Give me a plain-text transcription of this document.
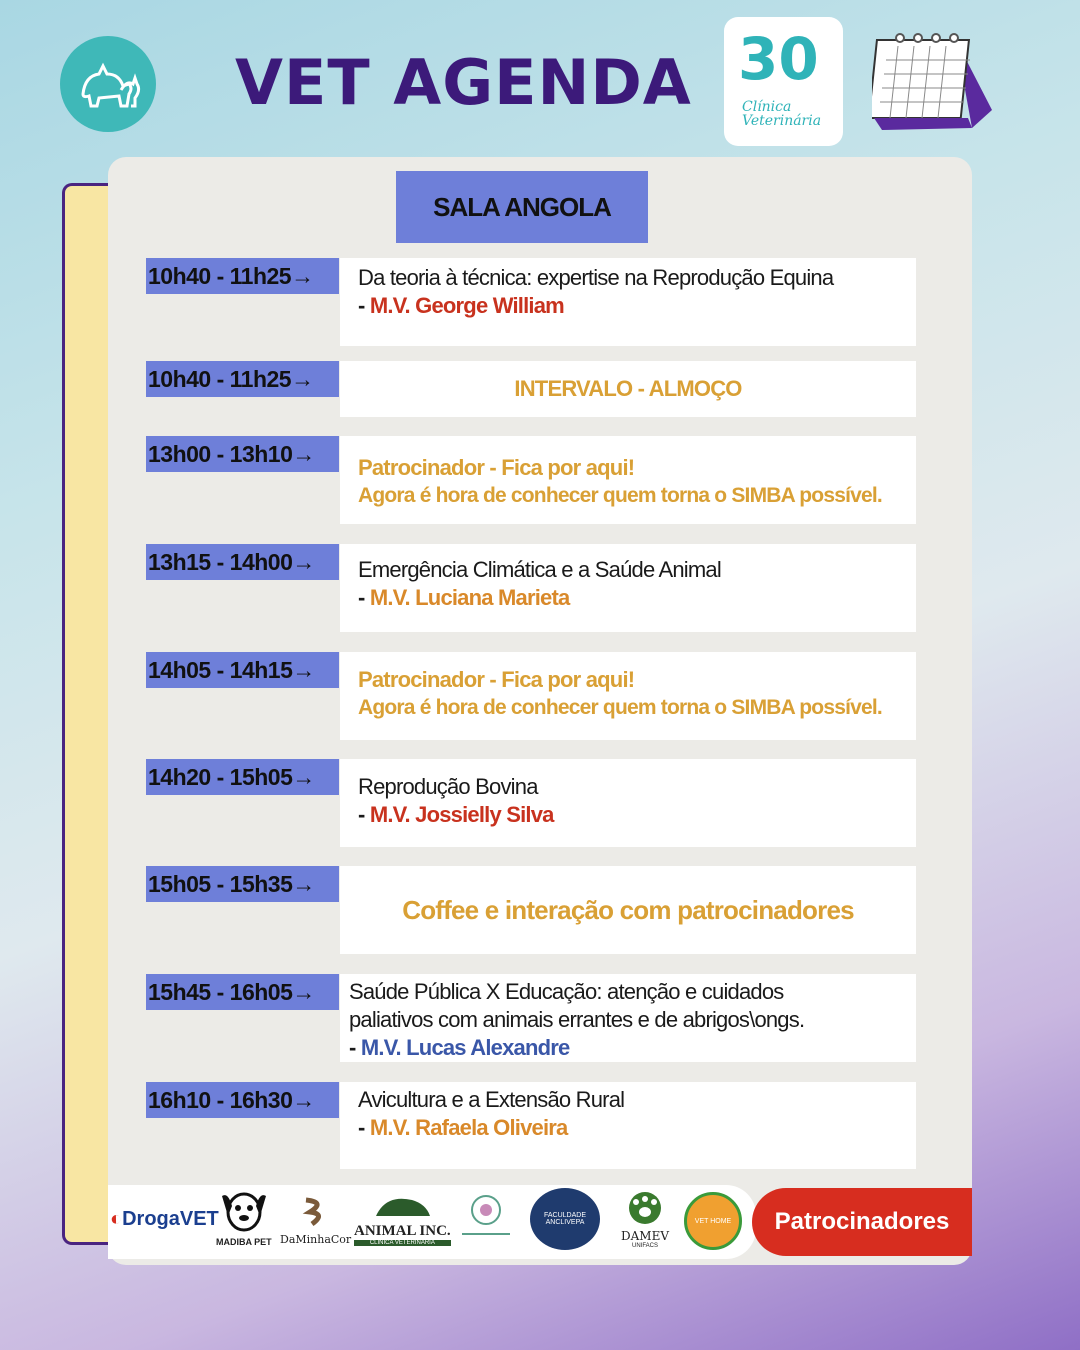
VET AGENDA 30
Clínica
Veterinária
SALA ANGOLA
10h40 - 11h25→	Da teoria à técnica: expertise na Reprodução Equina
- M.V. George William
10h40 - 11h25→	INTERVALO - ALMOÇO
13h00 - 13h10→
Patrocinador - Fica por aqui!
Agora é hora de conhecer quem torna o SIMBA possível.
13h15 - 14h00→	Emergência Climática e a Saúde Animal
- M.V. Luciana Marieta
14h05 - 14h15→	Patrocinador - Fica por aqui!
Agora é hora de conhecer quem torna o SIMBA possível.
14h20 - 15h05→	Reprodução Bovina
- M.V. Jossielly Silva
15h05 - 15h35→
Coffee e interação com patrocinadores
15h45 - 16h05→	Saúde Pública X Educação: atenção e cuidados
paliativos com animais errantes e de abrigos\ongs.
- M.V. Lucas Alexandre
16h10 - 16h30→	Avicultura e a Extensão Rural
- M.V. Rafaela Oliveira
◐DrogaVET
MADIBA PET DaMinhaCor
ANIMAL INC.
CLINICA VETERINARIA
FACULDADE ANCLIVEPA
DAMEV
UNIFACS
VET HOME	Patrocinadores
